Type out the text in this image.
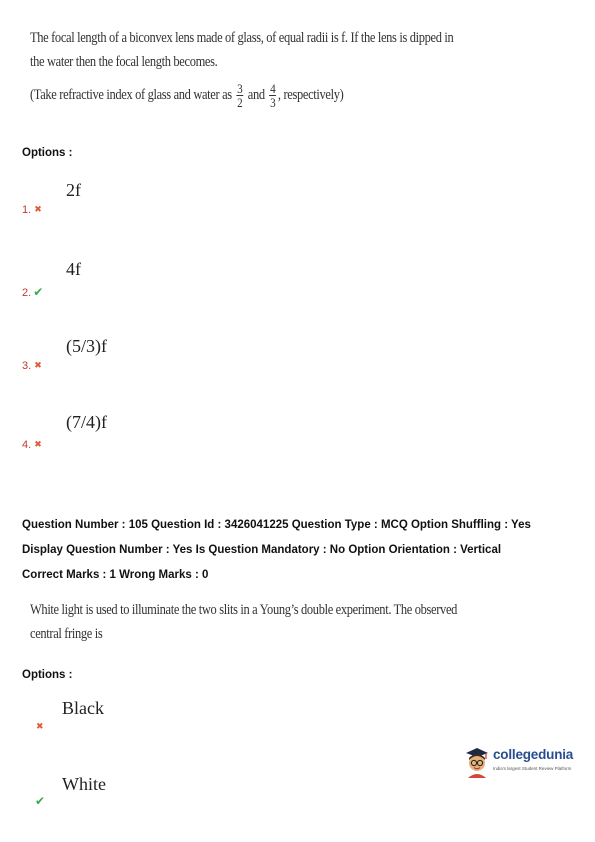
The focal length of a biconvex lens made of glass, of equal radii is f. If the lens is dipped in
the water then the focal length becomes.
(Take refractive index of glass and water as $\frac{3}{2}$ and $\frac{4}{3}$ , respectively)
Options :
2f
1. ✖
4f
2. ✔
(5/3)f
3. ✖
(7/4)f
4. ✖
Question Number : 105 Question Id : 3426041225 Question Type : MCQ Option Shuffling : Yes
Display Question Number : Yes Is Question Mandatory : No Option Orientation : Vertical
Correct Marks : 1 Wrong Marks : 0
White light is used to illuminate the two slits in a Young’s double experiment. The observed
central fringe is
Options :
Black
✖
White
✔
collegedunia
India's largest Student Review Platform
